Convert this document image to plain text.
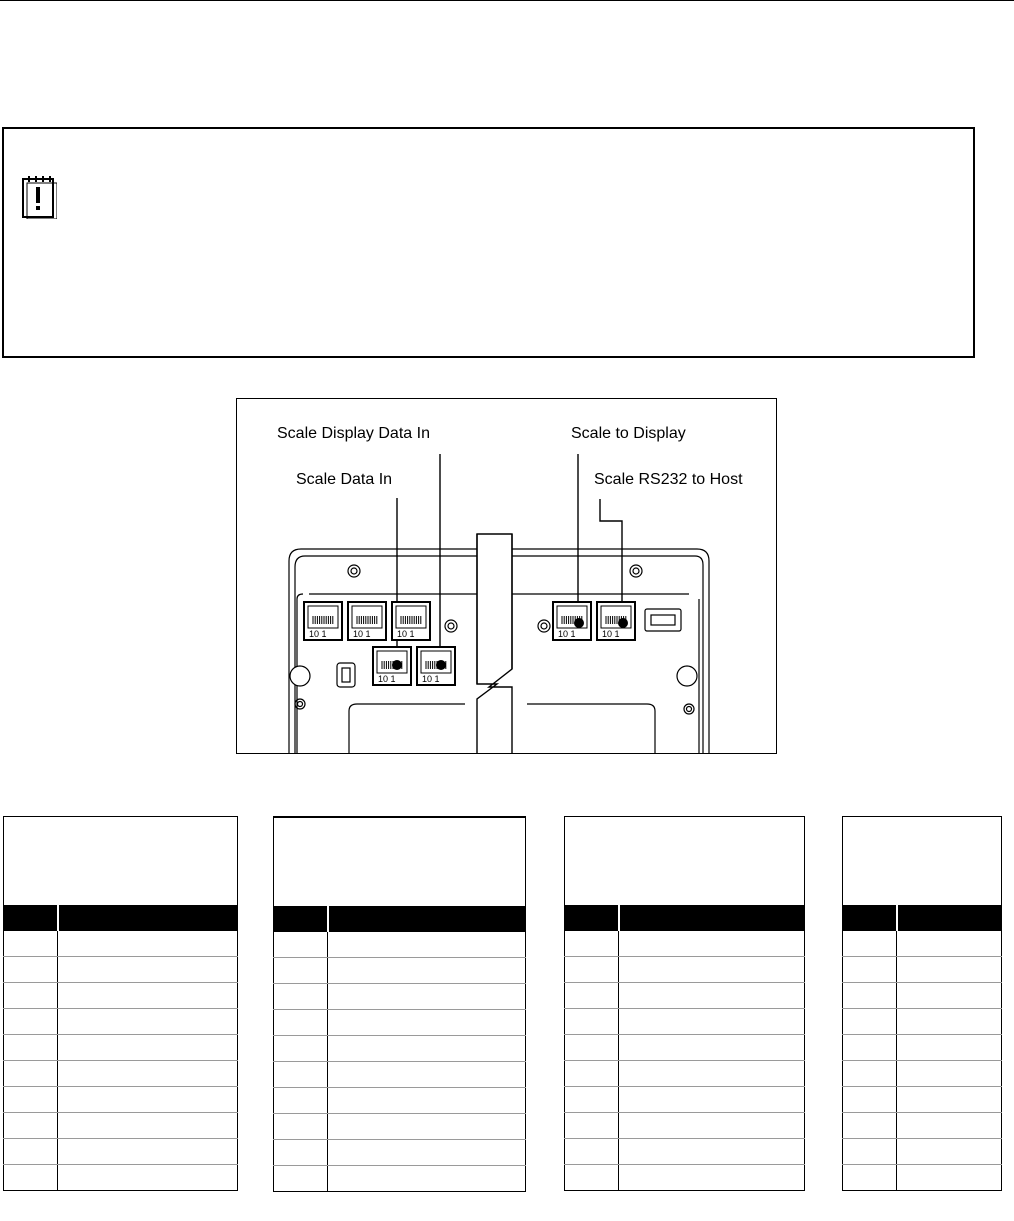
Scale Display Data In
Scale Data In
Scale to Display
Scale RS232 to Host
10 1	10 1	10 1
10 1	10 1
10 1	10 1
